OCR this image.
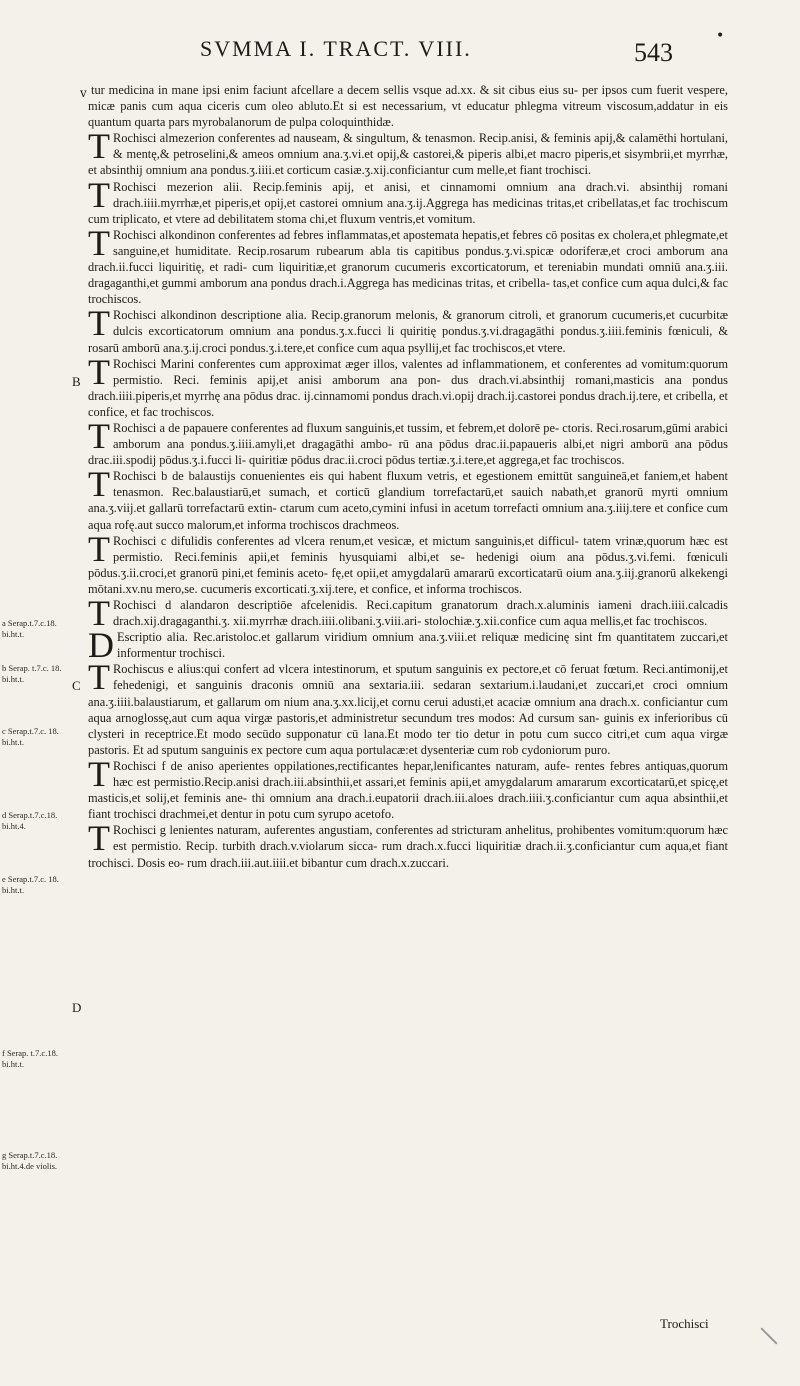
SVMMA I. TRACT. VIII.	543
•
v
B
C
D
a Serap.t.7.c.18.
bi.ht.t.
b Serap. t.7.c. 18.
bi.ht.t.
c Serap.t.7.c. 18.
bi.ht.t.
d Serap.t.7.c.18.
bi.ht.4.
e Serap.t.7.c. 18.
bi.ht.t.
f Serap. t.7.c.18.
bi.ht.t.
g Serap.t.7.c.18.
bi.ht.4.de violis.

tur medicina in mane ipsi enim faciunt afcellare a decem sellis vsque ad.xx. & sit cibus eius su- per ipsos cum fuerit vespere, micæ panis cum aqua ciceris cum oleo abluto.Et si est necessarium, vt educatur phlegma vitreum viscosum,addatur in eis quantum quarta pars myrobalanorum de pulpa coloquinthidæ.

T Rochisci almezerion conferentes ad nauseam, & singultum, & tenasmon. Recip.anisi, & feminis apij,& calamēthi hortulani, & mentę,& petroselini,& ameos omnium ana.ʒ.vi.et opij,& castorei,& piperis albi,et macro piperis,et sisymbrii,et myrrhæ, et absinthij omnium ana pondus.ʒ.iiii.et corticum casiæ.ʒ.xij.conficiantur cum melle,et fiant trochisci.

T Rochisci mezerion alii. Recip.feminis apij, et anisi, et cinnamomi omnium ana drach.vi. absinthij romani drach.iiii.myrrhæ,et piperis,et opij,et castorei omnium ana.ʒ.ij.Aggrega has medicinas tritas,et cribellatas,et fac trochiscum cum triplicato, et vtere ad debilitatem stoma chi,et fluxum ventris,et vomitum.

T Rochisci alkondinon conferentes ad febres inflammatas,et apostemata hepatis,et febres cō positas ex cholera,et phlegmate,et sanguine,et humiditate. Recip.rosarum rubearum abla tis capitibus pondus.ʒ.vi.spicæ odoriferæ,et croci amborum ana drach.ii.fucci liquiritię, et radi- cum liquiritiæ,et granorum cucumeris excorticatorum, et tereniabin mundati omniū ana.ʒ.iii. dragaganthi,et gummi amborum ana pondus drach.i.Aggrega has medicinas tritas, et cribella- tas,et confice cum aqua dulci,& fac trochiscos.

T Rochisci alkondinon descriptione alia. Recip.granorum melonis, & granorum citroli, et granorum cucumeris,et cucurbitæ dulcis excorticatorum omnium ana pondus.ʒ.x.fucci li quiritię pondus.ʒ.vi.dragagāthi pondus.ʒ.iiii.feminis fœniculi, & rosarū amborū ana.ʒ.ij.croci pondus.ʒ.i.tere,et confice cum aqua psyllij,et fac trochiscos,et vtere.

T Rochisci Marini conferentes cum approximat æger illos, valentes ad inflammationem, et conferentes ad vomitum:quorum permistio. Reci. feminis apij,et anisi amborum ana pon- dus drach.vi.absinthij romani,masticis ana pondus drach.iiii.piperis,et myrrhę ana pōdus drac. ij.cinnamomi pondus drach.vi.opij drach.ij.castorei pondus drach.ij.tere, et cribella, et confice, et fac trochiscos.

T Rochisci a de papauere conferentes ad fluxum sanguinis,et tussim, et febrem,et dolorē pe- ctoris. Reci.rosarum,gūmi arabici amborum ana pondus.ʒ.iiii.amyli,et dragagāthi ambo- rū ana pōdus drac.ii.papaueris albi,et nigri amborū ana pōdus drac.iii.spodij pōdus.ʒ.i.fucci li- quiritiæ pōdus drac.ii.croci pōdus tertiæ.ʒ.i.tere,et aggrega,et fac trochiscos.

T Rochisci b de balaustijs conuenientes eis qui habent fluxum vetris, et egestionem emittūt sanguineā,et faniem,et habent tenasmon. Rec.balaustiarū,et sumach, et corticū glandium torrefactarū,et sauich nabath,et granorū myrti omnium ana.ʒ.viij.et gallarū torrefactarū extin- ctarum cum aceto,cymini infusi in acetum torrefacti omnium ana.ʒ.iiij.tere et confice cum aqua rofę.aut succo malorum,et informa trochiscos drachmeos.

T Rochisci c difulidis conferentes ad vlcera renum,et vesicæ, et mictum sanguinis,et difficul- tatem vrinæ,quorum hæc est permistio. Reci.feminis apii,et feminis hyusquiami albi,et se- hedenigi oium ana pōdus.ʒ.vi.femi. fœniculi pōdus.ʒ.ii.croci,et granorū pini,et feminis aceto- fę,et opii,et amygdalarū amararū excorticatarū oium ana.ʒ.iij.granorū alkekengi mōtani.xv.nu mero,se. cucumeris excorticati.ʒ.xij.tere, et confice, et informa trochiscos.

T Rochisci d alandaron descriptiōe afcelenidis. Reci.capitum granatorum drach.x.aluminis iameni drach.iiii.calcadis drach.xij.dragaganthi.ʒ. xii.myrrhæ drach.iiii.olibani.ʒ.viii.ari- stolochiæ.ʒ.xii.confice cum aqua mellis,et fac trochiscos.

D Escriptio alia. Rec.aristoloc.et gallarum viridium omnium ana.ʒ.viii.et reliquæ medicinę sint fm quantitatem zuccari,et informentur trochisci.

T Rochiscus e alius:qui confert ad vlcera intestinorum, et sputum sanguinis ex pectore,et cō feruat fœtum. Reci.antimonij,et fehedenigi, et sanguinis draconis omniū ana sextaria.iii. sedaran sextarium.i.laudani,et zuccari,et croci omnium ana.ʒ.iiii.balaustiarum, et gallarum om nium ana.ʒ.xx.licij,et cornu cerui adusti,et acaciæ omnium ana drach.x. conficiantur cum aqua arnoglossę,aut cum aqua virgæ pastoris,et administretur secundum tres modos: Ad cursum san- guinis ex inferioribus cū clysteri in receptrice.Et modo secūdo supponatur cū lana.Et modo ter tio detur in potu cum succo citri,et cum aqua virgæ pastoris. Et ad sputum sanguinis ex pectore cum aqua portulacæ:et dysenteriæ cum rob cydoniorum puro.

T Rochisci f de aniso aperientes oppilationes,rectificantes hepar,lenificantes naturam, aufe- rentes febres antiquas,quorum hæc est permistio.Recip.anisi drach.iii.absinthii,et assari,et feminis apii,et amygdalarum amararum excorticatarū,et spicę,et masticis,et solij,et feminis ane- thi omnium ana drach.i.eupatorii drach.iii.aloes drach.iiii.ʒ.conficiantur cum aqua absinthii,et fiant trochisci drachmei,et dentur in potu cum syrupo acetofo.

T Rochisci g lenientes naturam, auferentes angustiam, conferentes ad stricturam anhelitus, prohibentes vomitum:quorum hæc est permistio. Recip. turbith drach.v.violarum sicca- rum drach.x.fucci liquiritiæ drach.ii.ʒ.conficiantur cum aqua,et fiant trochisci. Dosis eo- rum drach.iii.aut.iiii.et bibantur cum drach.x.zuccari.

Trochisci
